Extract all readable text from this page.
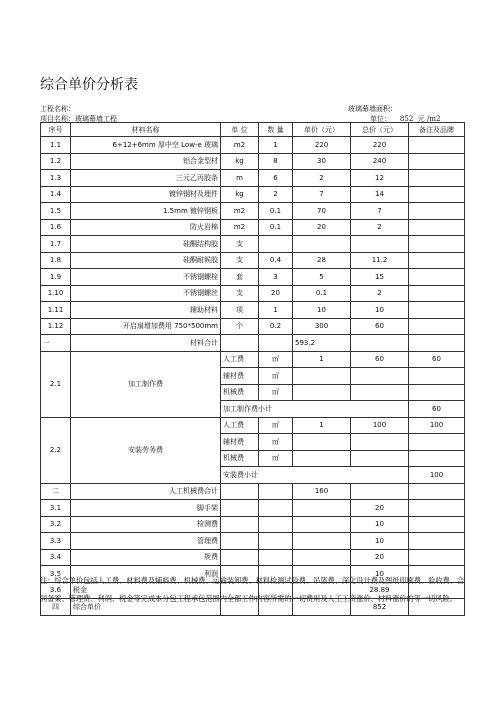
综合单价分析表
工程名称：	玻璃幕墙面积：
项目名称：玻璃幕墙工程	单位： 852 元 /m2
序号	材料名称	单 位	数 量	单价（元）	总价（元）	备注及品牌	
1.1	6+12+6mm 厚中空 Low-e 玻璃	m2	1	220	220		
1.2	铝合金型材	kg	8	30	240		
1.3	三元乙丙胶条	m	6	2	12		
1.4	镀锌钢材及埋件	kg	2	7	14		
1.5	1.5mm 镀锌钢板	m2	0.1	70	7		
1.6	防火岩棉	m2	0.1	20	2		
1.7	硅酮结构胶	支					
1.8	硅酮耐候胶	支	0.4	28	11.2		
1.9	不锈钢螺栓	套	3	5	15		
1.10	不锈钢螺丝	支	20	0.1	2		
1.11	辅助材料	项	1	10	10		
1.12	开启扇增加费用 750*500mm	个	0.2	300	60		
一	材料合计			593.2			
2.1	加工制作费	人工费	㎡	1	60	60	
		辅材费	㎡				
		机械费	㎡				
		加工制作费小计				60	
2.2	安装劳务费	人工费	㎡	1	100	100	
		辅材费	㎡				
		机械费	㎡				
		安装费小计				100	
二	人工机械费合计			160			
3.1	脚手架				20		
3.2	检测费				10		
3.3	管理费				10		
3.4	规费				20		
3.5	利润				10		
3.6	税金				28.89		
四	综合单价				852		
注：综合单价包括人工费、材料费及辅料费、机械费、运输装卸费、材料检测试验费、吊篮费、深化设计费及图纸印刷费、验收费、合同备案、管理费、利润、税金等完成本分包工程承包范围内全部工作内容所需的一切费用及人工工资涨价、材料涨价的等一切风险。
